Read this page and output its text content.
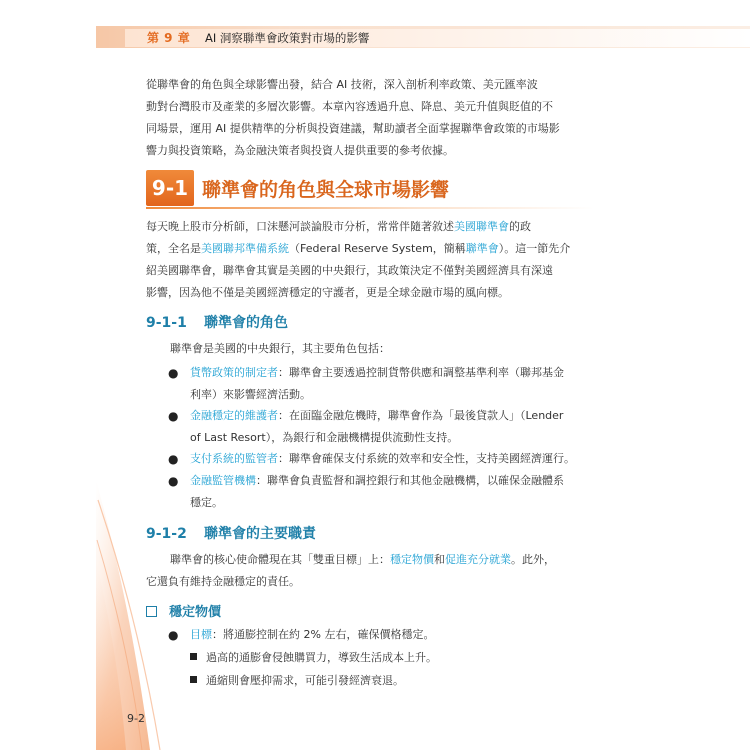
第 9 章 AI 洞察聯準會政策對市場的影響
從聯準會的角色與全球影響出發，結合 AI 技術，深入剖析利率政策、美元匯率波
動對台灣股市及產業的多層次影響。本章內容透過升息、降息、美元升值與貶值的不
同場景，運用 AI 提供精準的分析與投資建議，幫助讀者全面掌握聯準會政策的市場影
響力與投資策略，為金融決策者與投資人提供重要的參考依據。
9-1 聯準會的角色與全球市場影響
每天晚上股市分析師，口沫懸河談論股市分析，常常伴隨著敘述美國聯準會的政
策，全名是美國聯邦準備系統（Federal Reserve System，簡稱聯準會）。這一節先介
紹美國聯準會，聯準會其實是美國的中央銀行，其政策決定不僅對美國經濟具有深遠
影響，因為他不僅是美國經濟穩定的守護者，更是全球金融市場的風向標。
9-1-1 聯準會的角色
聯準會是美國的中央銀行，其主要角色包括：
● 貨幣政策的制定者：聯準會主要透過控制貨幣供應和調整基準利率（聯邦基金
利率）來影響經濟活動。
● 金融穩定的維護者：在面臨金融危機時，聯準會作為「最後貸款人」（Lender
of Last Resort），為銀行和金融機構提供流動性支持。
● 支付系統的監管者：聯準會確保支付系統的效率和安全性，支持美國經濟運行。
● 金融監管機構：聯準會負責監督和調控銀行和其他金融機構，以確保金融體系
穩定。
9-1-2 聯準會的主要職責
聯準會的核心使命體現在其「雙重目標」上：穩定物價和促進充分就業。此外，
它還負有維持金融穩定的責任。
穩定物價
● 目標：將通膨控制在約 2% 左右，確保價格穩定。
過高的通膨會侵蝕購買力，導致生活成本上升。
通縮則會壓抑需求，可能引發經濟衰退。
9-2
